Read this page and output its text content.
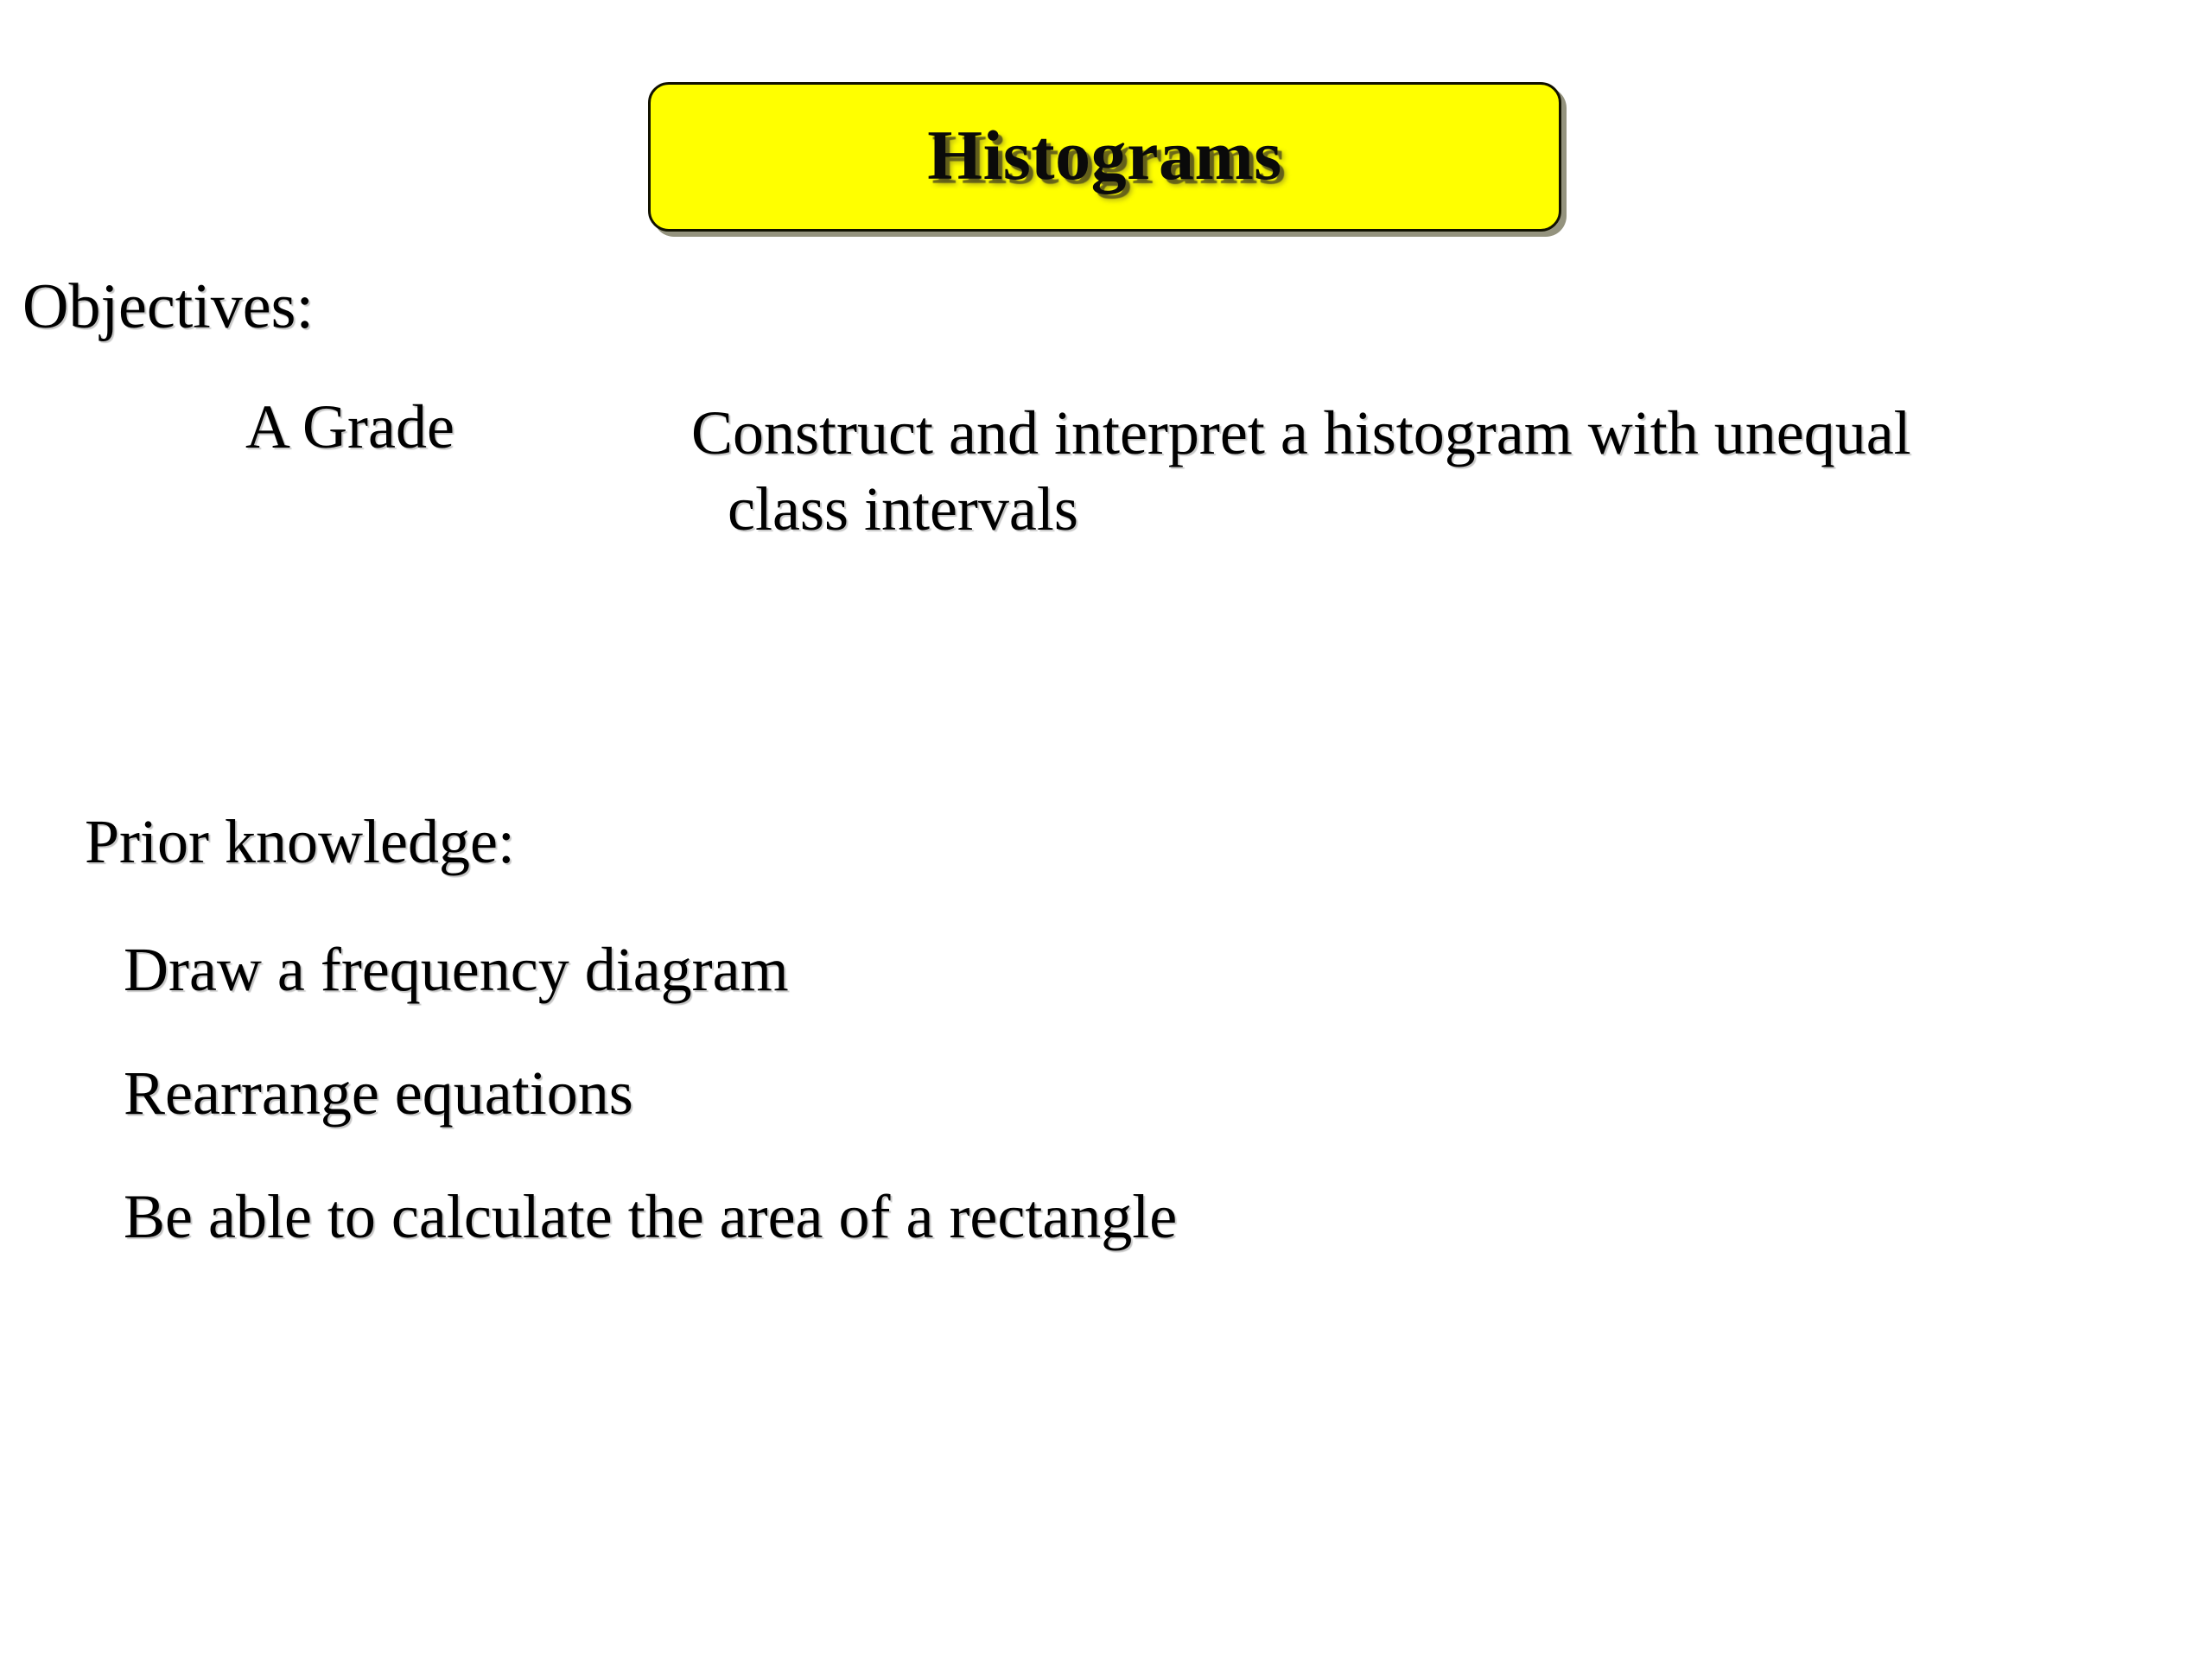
Histograms
Objectives:
A Grade	Construct and interpret a histogram with unequal
class intervals
Prior knowledge:
Draw a frequency diagram
Rearrange equations
Be able to calculate the area of a rectangle
